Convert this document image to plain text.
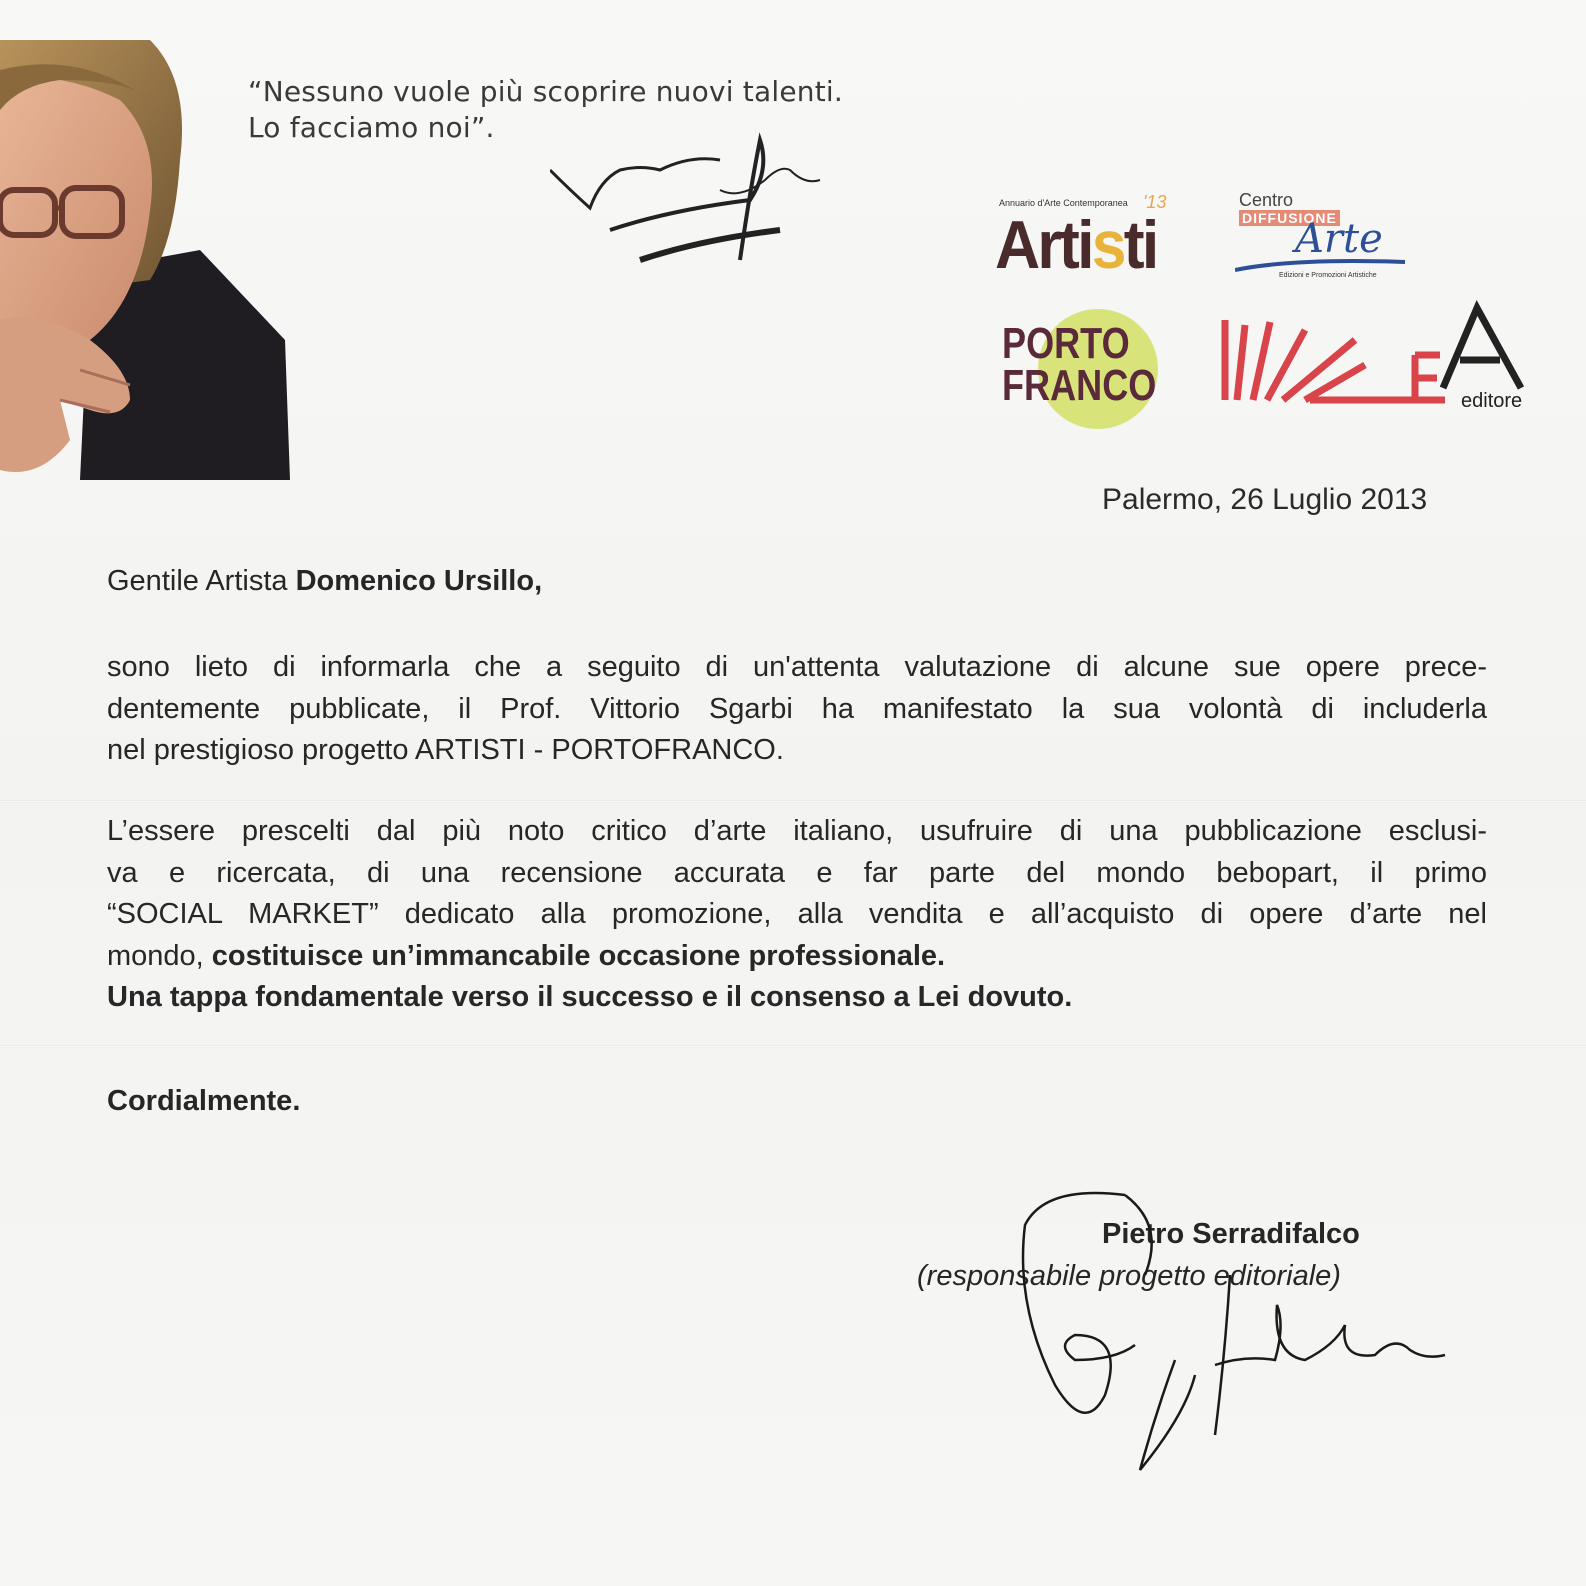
“Nessuno vuole più scoprire nuovi talenti.
Lo facciamo noi”.
Annuario d'Arte Contemporanea '13
Artisti
Centro
DIFFUSIONE
Arte
Edizioni e Promozioni Artistiche
PORTO
FRANCO	editore
Palermo, 26 Luglio 2013
Gentile Artista Domenico Ursillo,
sono lieto di informarla che a seguito di un'attenta valutazione di alcune sue opere prece-
dentemente pubblicate, il Prof. Vittorio Sgarbi ha manifestato la sua volontà di includerla
nel prestigioso progetto ARTISTI - PORTOFRANCO.
L’essere prescelti dal più noto critico d’arte italiano, usufruire di una pubblicazione esclusi-
va e ricercata, di una recensione accurata e far parte del mondo bebopart, il primo
“SOCIAL MARKET” dedicato alla promozione, alla vendita e all’acquisto di opere d’arte nel
mondo, costituisce un’immancabile occasione professionale.
Una tappa fondamentale verso il successo e il consenso a Lei dovuto.
Cordialmente.
Pietro Serradifalco
(responsabile progetto editoriale)
